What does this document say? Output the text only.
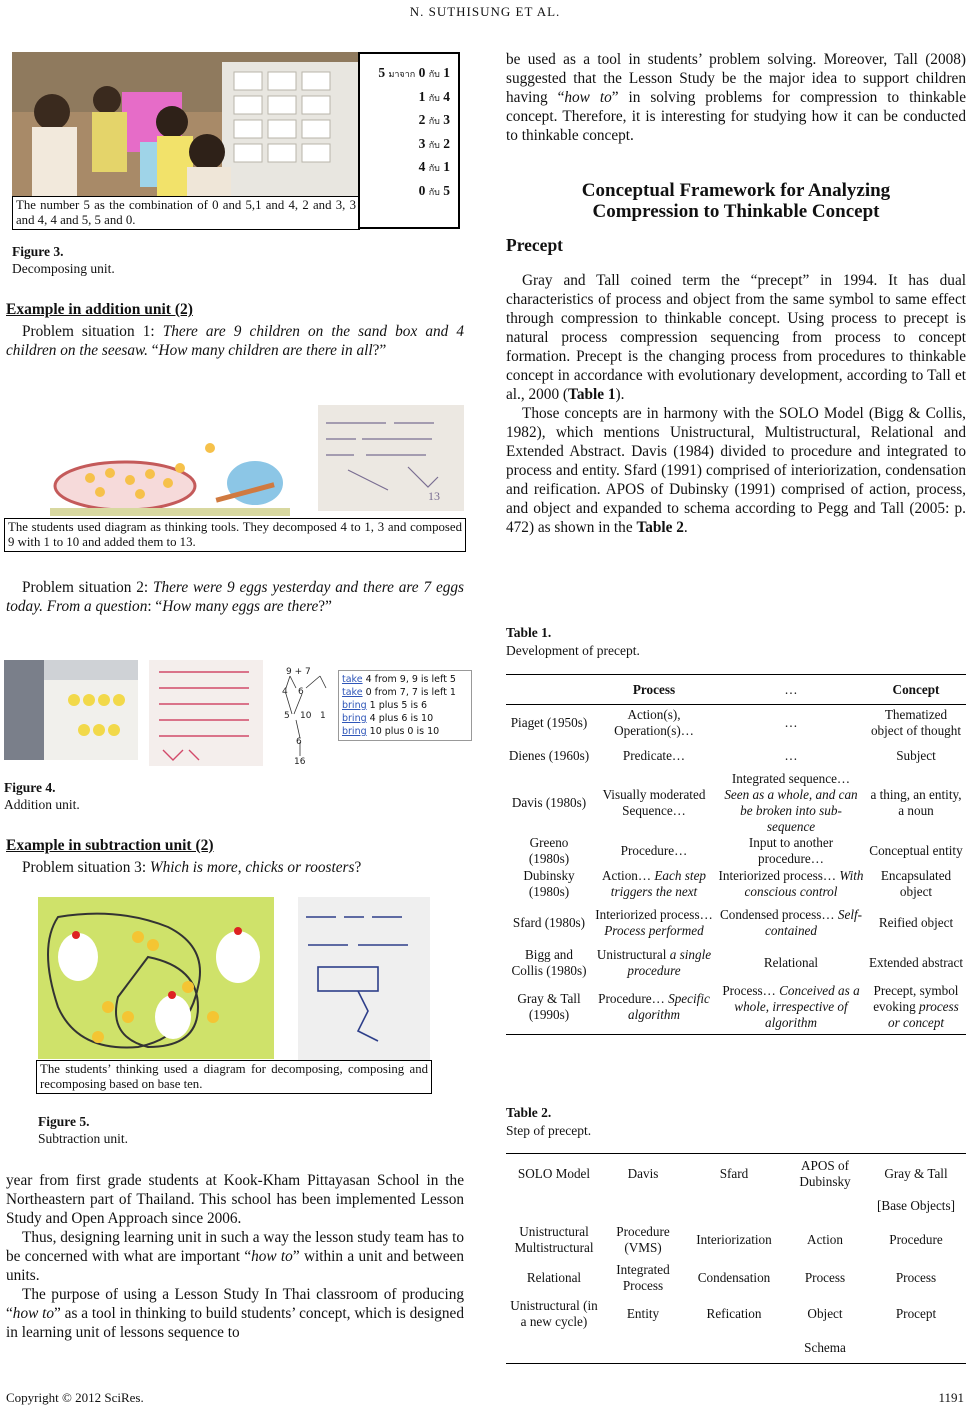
N. SUTHISUNG ET AL.
The number 5 as the combination of 0 and 5,1 and 4, 2 and 3, 3 and 4, 4 and 5, 5 and 0.
5 มาจาก 0 กับ 1
1 กับ 4
2 กับ 3
3 กับ 2
4 กับ 1
0 กับ 5
Figure 3.
Decomposing unit.
Example in addition unit (2)

Problem situation 1: There are 9 children on the sand box and 4 children on the seesaw. “How many children are there in all?”

13
The students used diagram as thinking tools. They decomposed 4 to 1, 3 and composed 9 with 1 to 10 and added them to 13.

Problem situation 2: There were 9 eggs yesterday and there are 7 eggs today. From a question: “How many eggs are there?”

9 + 7
4 6
5 10 1
6
16
take 4 from 9, 9 is left 5
take 0 from 7, 7 is left 1
bring 1 plus 5 is 6
bring 4 plus 6 is 10
bring 10 plus 0 is 10
Figure 4.
Addition unit.
Example in subtraction unit (2)

Problem situation 3: Which is more, chicks or roosters?

The students’ thinking used a diagram for decomposing, composing and recomposing based on base ten.
Figure 5.
Subtraction unit.

year from first grade students at Kook-Kham Pittayasan School in the Northeastern part of Thailand. This school has been implemented Lesson Study and Open Approach since 2006.

Thus, designing learning unit in such a way the lesson study team has to be concerned with what are important “how to” within a unit and between units.

The purpose of using a Lesson Study In Thai classroom of producing “how to” as a tool in thinking to build students’ concept, which is designed in learning unit of lessons sequence to

be used as a tool in students’ problem solving. Moreover, Tall (2008) suggested that the Lesson Study be the major idea to support children having “how to” in solving problems for compression to thinkable concept. Therefore, it is interesting for studying how it can be conducted to thinkable concept.

Conceptual Framework for Analyzing Compression to Thinkable Concept
Precept

Gray and Tall coined term the “precept” in 1994. It has dual characteristics of process and object from the same symbol to same effect through compression to thinkable concept. Using process to precept is natural process compression sequencing from process to concept formation. Precept is the changing process from procedures to thinkable concept in accordance with evolutionary development, according to Tall et al., 2000 (Table 1).

Those concepts are in harmony with the SOLO Model (Bigg & Collis, 1982), which mentions Unistructural, Multistructural, Relational and Extended Abstract. Davis (1984) divided to procedure and integrated to process and entity. Sfard (1991) comprised of interiorization, condensation and reification. APOS of Dubinsky (1991) comprised of action, process, and object and expanded to schema according to Pegg and Tall (2005: p. 472) as shown in the Table 2.

Table 1.
Development of precept.
	Process	…	Concept
Piaget (1950s)	Action(s), Operation(s)…	…	Thematized object of thought
Dienes (1960s)	Predicate…	…	Subject
Davis (1980s)	Visually moderated Sequence…	Integrated sequence… Seen as a whole, and can be broken into sub-sequence	a thing, an entity, a noun
Greeno (1980s)	Procedure…	Input to another procedure…	Conceptual entity
Dubinsky (1980s)	Action… Each step triggers the next	Interiorized process… With conscious control	Encapsulated object
Sfard (1980s)	Interiorized process… Process performed	Condensed process… Self-contained	Reified object
Bigg and Collis (1980s)	Unistructural a single procedure	Relational	Extended abstract
Gray & Tall (1990s)	Procedure… Specific algorithm	Process… Conceived as a whole, irrespective of algorithm	Precept, symbol evoking process or concept
Table 2.
Step of precept.
SOLO Model	Davis	Sfard	APOS of Dubinsky	Gray & Tall
				[Base Objects]
Unistructural Multistructural	Procedure (VMS)	Interiorization	Action	Procedure
Relational	Integrated Process	Condensation	Process	Process
Unistructural (in a new cycle)	Entity	Refication	Object	Procept
			Schema	
Copyright © 2012 SciRes.	1191
